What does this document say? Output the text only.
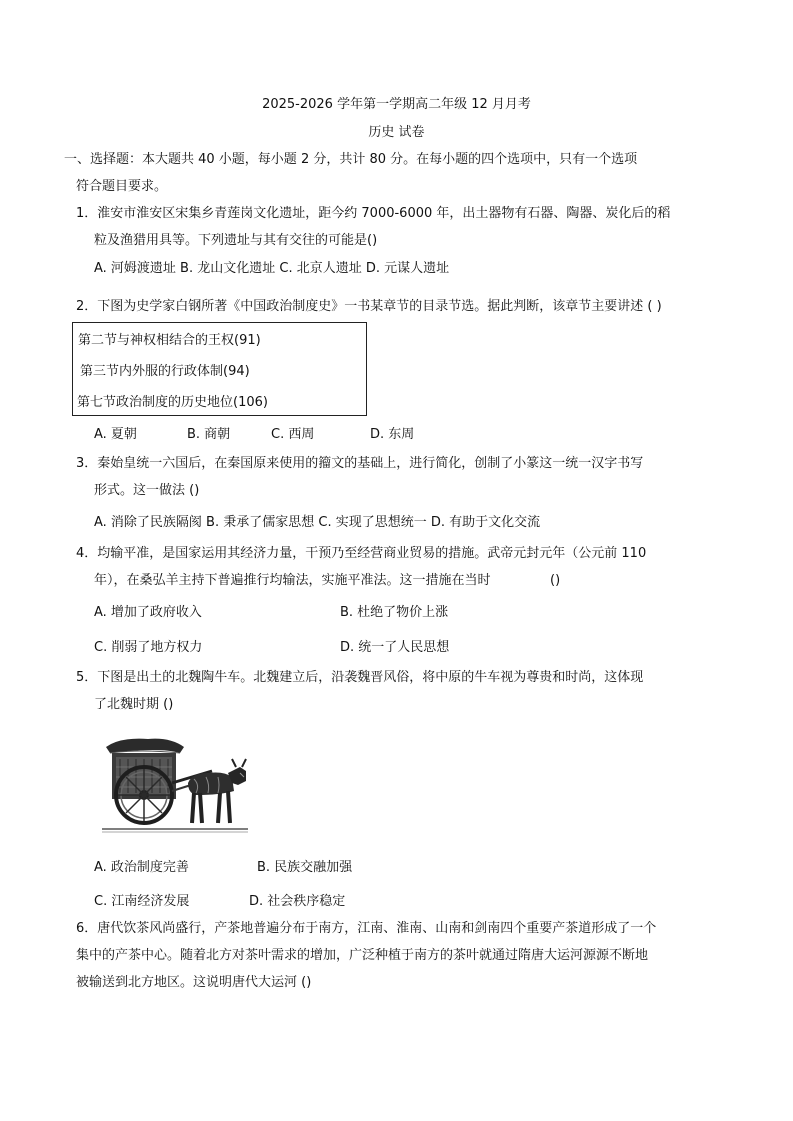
2025-2026 学年第一学期高二年级 12 月月考
历史 试卷
一、选择题：本大题共 40 小题，每小题 2 分，共计 80 分。在每小题的四个选项中，只有一个选项
符合题目要求。
1．淮安市淮安区宋集乡青莲岗文化遗址，距今约 7000-6000 年，出土器物有石器、陶器、炭化后的稻
粒及渔猎用具等。下列遗址与其有交往的可能是()
A. 河姆渡遗址 B. 龙山文化遗址 C. 北京人遗址 D. 元谋人遗址
2．下图为史学家白钢所著《中国政治制度史》一书某章节的目录节选。据此判断，该章节主要讲述 ( )
第二节与神权相结合的王权(91)
第三节内外服的行政体制(94)
第七节政治制度的历史地位(106)
A. 夏朝	B. 商朝	C. 西周	D. 东周
3．秦始皇统一六国后，在秦国原来使用的籀文的基础上，进行简化，创制了小篆这一统一汉字书写
形式。这一做法 ()
A. 消除了民族隔阂 B. 秉承了儒家思想 C. 实现了思想统一 D. 有助于文化交流
4．均输平准，是国家运用其经济力量，干预乃至经营商业贸易的措施。武帝元封元年（公元前 110
年），在桑弘羊主持下普遍推行均输法，实施平准法。这一措施在当时	()
A. 增加了政府收入	B. 杜绝了物价上涨
C. 削弱了地方权力	D. 统一了人民思想
5．下图是出土的北魏陶牛车。北魏建立后，沿袭魏晋风俗，将中原的牛车视为尊贵和时尚，这体现
了北魏时期 ()
A. 政治制度完善	B. 民族交融加强
C. 江南经济发展	D. 社会秩序稳定
6．唐代饮茶风尚盛行，产茶地普遍分布于南方，江南、淮南、山南和剑南四个重要产茶道形成了一个
集中的产茶中心。随着北方对茶叶需求的增加，广泛种植于南方的茶叶就通过隋唐大运河源源不断地
被输送到北方地区。这说明唐代大运河 ()
